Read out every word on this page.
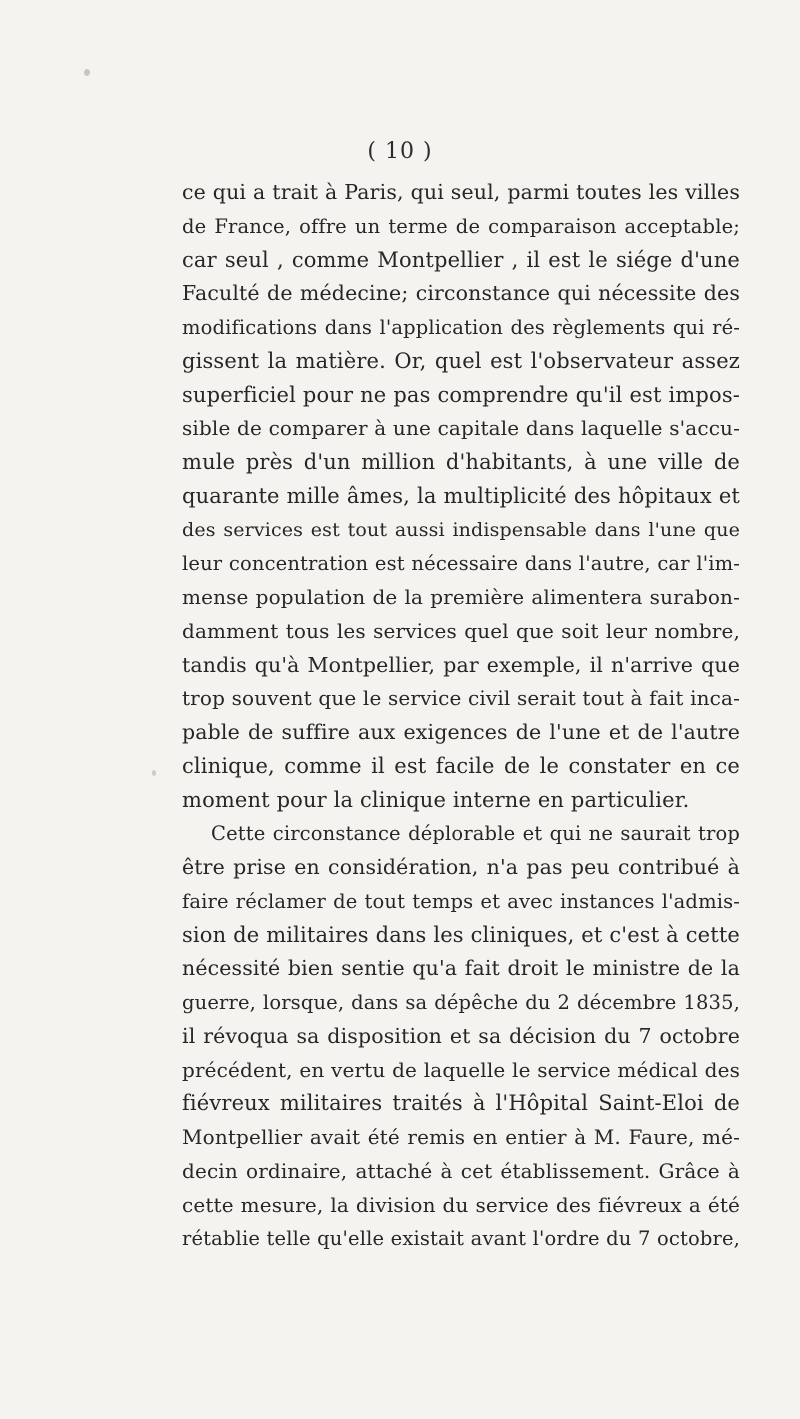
( 10 )
ce qui a trait à Paris, qui seul, parmi toutes les villes
de France, offre un terme de comparaison acceptable;
car seul , comme Montpellier , il est le siége d'une
Faculté de médecine; circonstance qui nécessite des
modifications dans l'application des règlements qui ré-
gissent la matière. Or, quel est l'observateur assez
superficiel pour ne pas comprendre qu'il est impos-
sible de comparer à une capitale dans laquelle s'accu-
mule près d'un million d'habitants, à une ville de
quarante mille âmes, la multiplicité des hôpitaux et
des services est tout aussi indispensable dans l'une que
leur concentration est nécessaire dans l'autre, car l'im-
mense population de la première alimentera surabon-
damment tous les services quel que soit leur nombre,
tandis qu'à Montpellier, par exemple, il n'arrive que
trop souvent que le service civil serait tout à fait inca-
pable de suffire aux exigences de l'une et de l'autre
clinique, comme il est facile de le constater en ce
moment pour la clinique interne en particulier.
Cette circonstance déplorable et qui ne saurait trop
être prise en considération, n'a pas peu contribué à
faire réclamer de tout temps et avec instances l'admis-
sion de militaires dans les cliniques, et c'est à cette
nécessité bien sentie qu'a fait droit le ministre de la
guerre, lorsque, dans sa dépêche du 2 décembre 1835,
il révoqua sa disposition et sa décision du 7 octobre
précédent, en vertu de laquelle le service médical des
fiévreux militaires traités à l'Hôpital Saint-Eloi de
Montpellier avait été remis en entier à M. Faure, mé-
decin ordinaire, attaché à cet établissement. Grâce à
cette mesure, la division du service des fiévreux a été
rétablie telle qu'elle existait avant l'ordre du 7 octobre,
